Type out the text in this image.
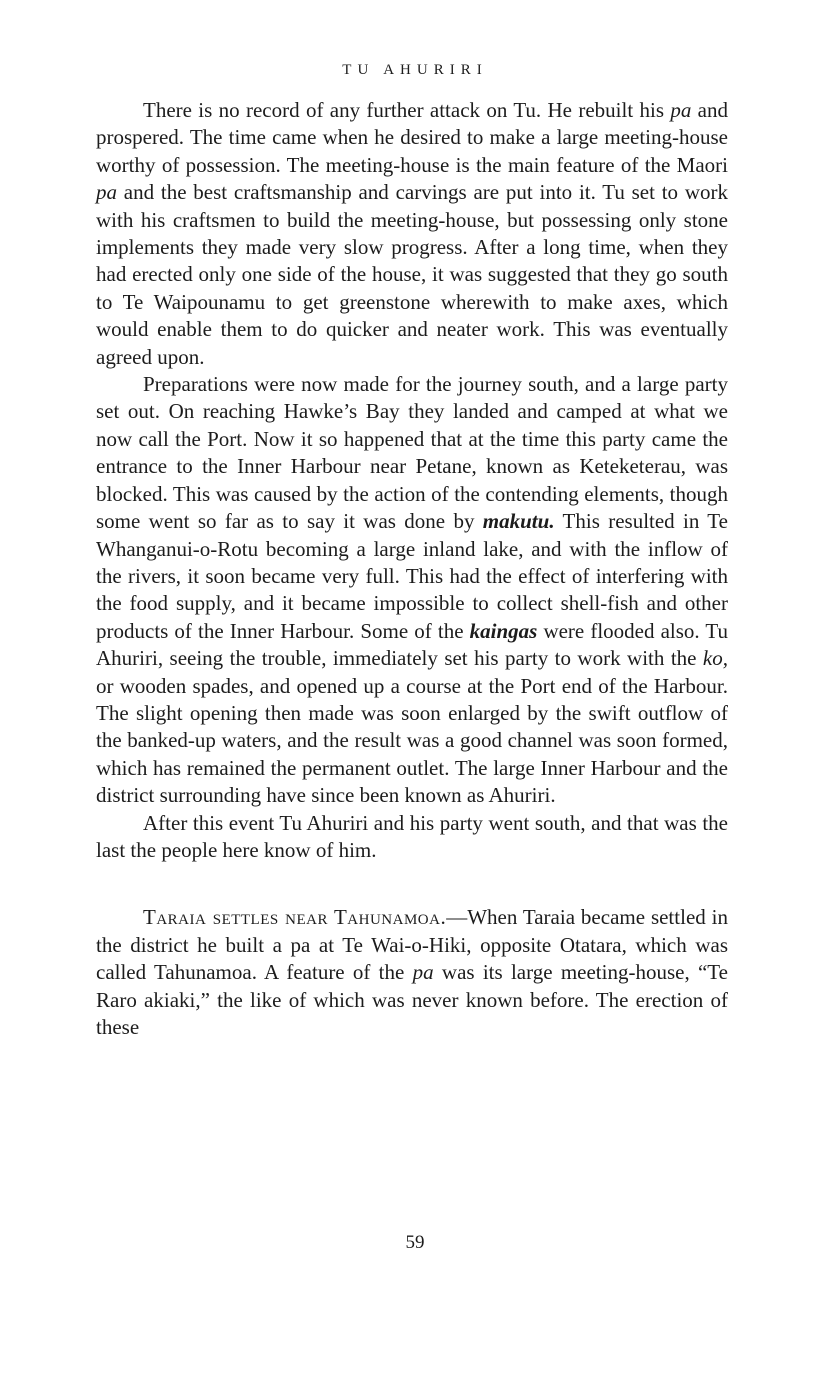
TU AHURIRI

There is no record of any further attack on Tu. He rebuilt his pa and prospered. The time came when he desired to make a large meeting-house worthy of possession. The meeting-house is the main feature of the Maori pa and the best craftsmanship and carvings are put into it. Tu set to work with his craftsmen to build the meeting-house, but possessing only stone implements they made very slow progress. After a long time, when they had erected only one side of the house, it was suggested that they go south to Te Waipounamu to get greenstone wherewith to make axes, which would enable them to do quicker and neater work. This was eventually agreed upon.

Preparations were now made for the journey south, and a large party set out. On reaching Hawke’s Bay they landed and camped at what we now call the Port. Now it so happened that at the time this party came the entrance to the Inner Harbour near Petane, known as Keteketerau, was blocked. This was caused by the action of the contending elements, though some went so far as to say it was done by makutu. This resulted in Te Whanganui-o-Rotu becoming a large inland lake, and with the inflow of the rivers, it soon became very full. This had the effect of interfering with the food supply, and it became impossible to collect shell-fish and other products of the Inner Harbour. Some of the kaingas were flooded also. Tu Ahuriri, seeing the trouble, immediately set his party to work with the ko, or wooden spades, and opened up a course at the Port end of the Harbour. The slight opening then made was soon enlarged by the swift outflow of the banked-up waters, and the result was a good channel was soon formed, which has remained the permanent outlet. The large Inner Harbour and the district surrounding have since been known as Ahuriri.

After this event Tu Ahuriri and his party went south, and that was the last the people here know of him.

Taraia settles near Tahunamoa.—When Taraia became settled in the district he built a pa at Te Wai-o-Hiki, opposite Otatara, which was called Tahunamoa. A feature of the pa was its large meeting-house, “Te Raro akiaki,” the like of which was never known before. The erection of these

59
